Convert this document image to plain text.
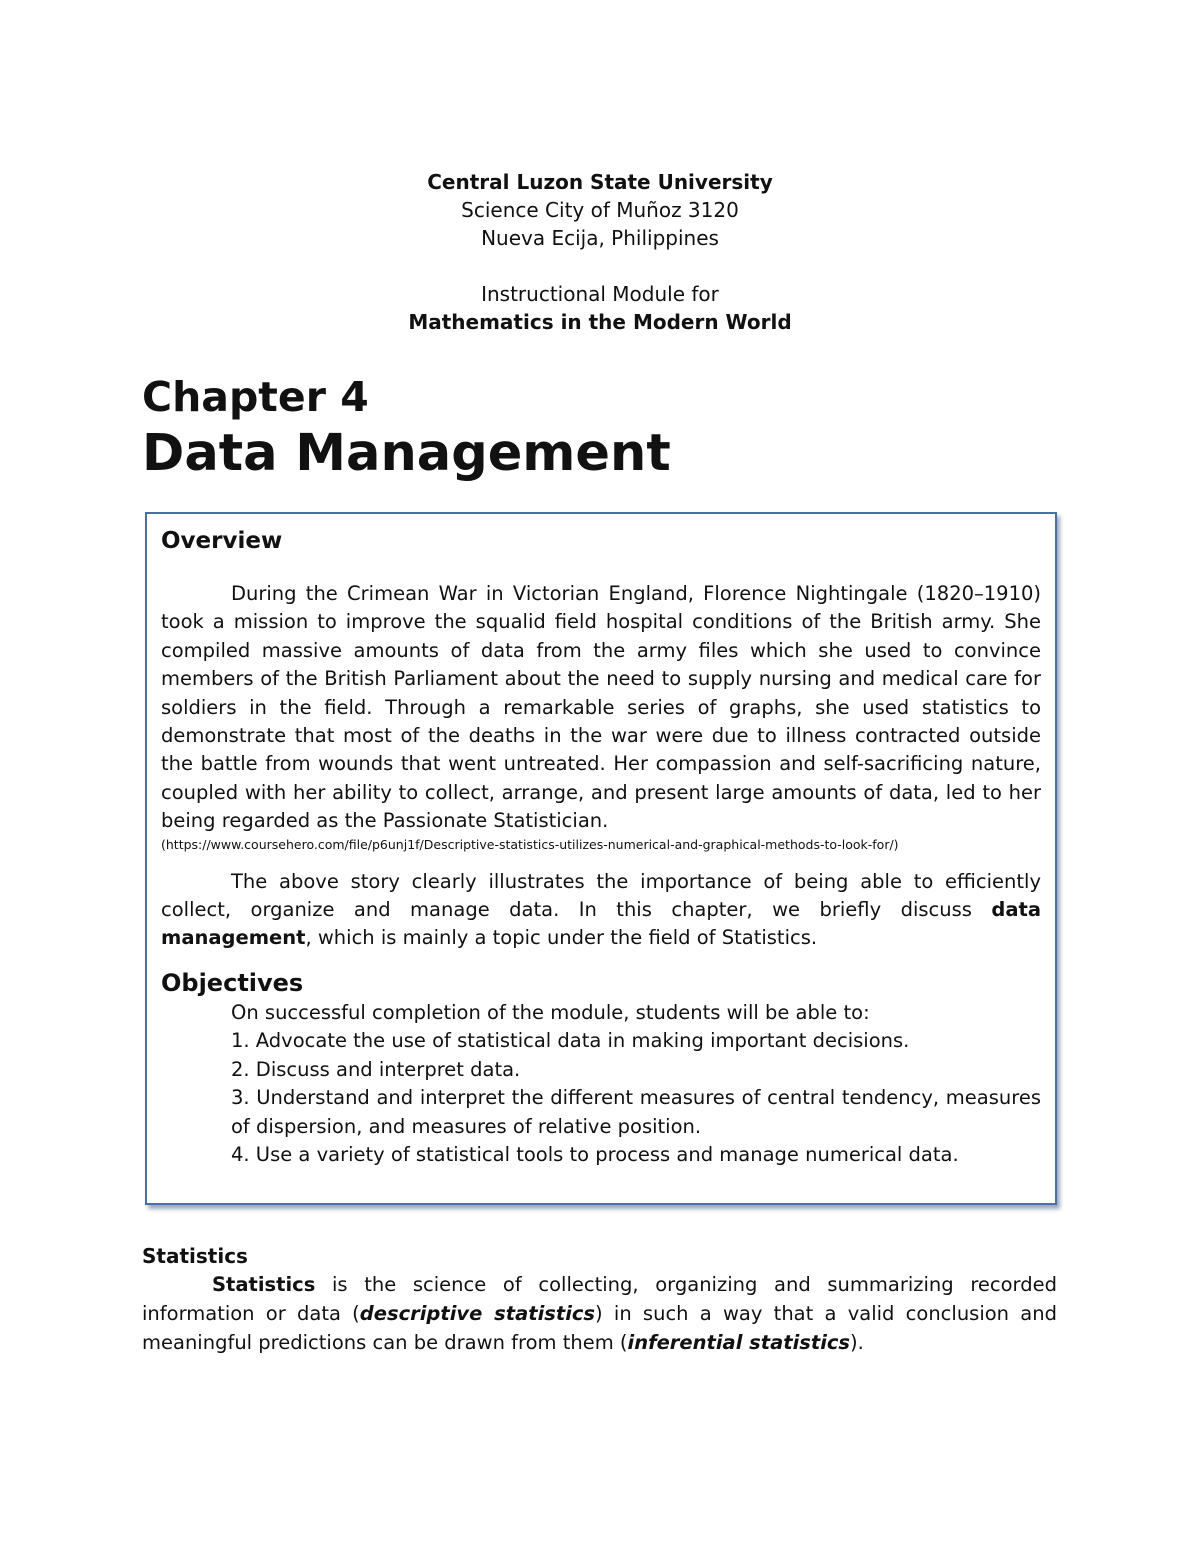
Central Luzon State University
Science City of Muñoz 3120
Nueva Ecija, Philippines
Instructional Module for
Mathematics in the Modern World
Chapter 4
Data Management
Overview

During the Crimean War in Victorian England, Florence Nightingale (1820–1910) took a mission to improve the squalid field hospital conditions of the British army. She compiled massive amounts of data from the army files which she used to convince members of the British Parliament about the need to supply nursing and medical care for soldiers in the field. Through a remarkable series of graphs, she used statistics to demonstrate that most of the deaths in the war were due to illness contracted outside the battle from wounds that went untreated. Her compassion and self-sacrificing nature, coupled with her ability to collect, arrange, and present large amounts of data, led to her being regarded as the Passionate Statistician.

(https://www.coursehero.com/file/p6unj1f/Descriptive-statistics-utilizes-numerical-and-graphical-methods-to-look-for/)

The above story clearly illustrates the importance of being able to efficiently collect, organize and manage data. In this chapter, we briefly discuss data management, which is mainly a topic under the field of Statistics.

Objectives
On successful completion of the module, students will be able to:
1. Advocate the use of statistical data in making important decisions.
2. Discuss and interpret data.
3. Understand and interpret the different measures of central tendency, measures of dispersion, and measures of relative position.
4. Use a variety of statistical tools to process and manage numerical data.
Statistics

Statistics is the science of collecting, organizing and summarizing recorded information or data (descriptive statistics) in such a way that a valid conclusion and meaningful predictions can be drawn from them (inferential statistics).
